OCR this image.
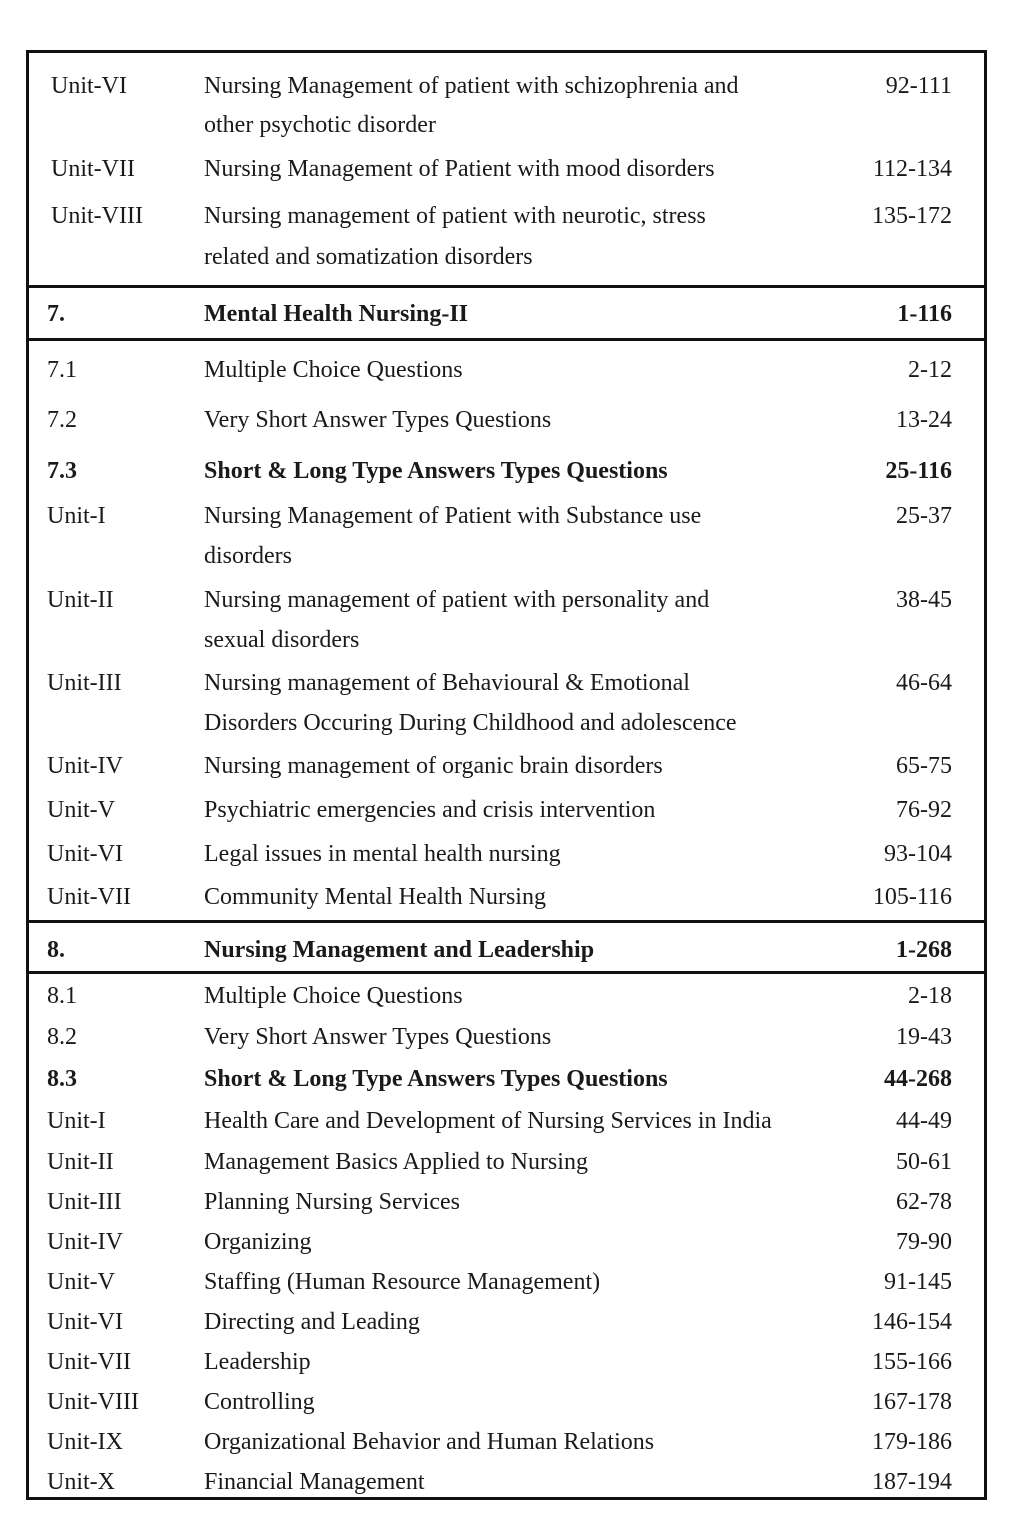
Unit-VI	Nursing Management of patient with schizophrenia and	92-111
other psychotic disorder
Unit-VII	Nursing Management of Patient with mood disorders	112-134
Unit-VIII	Nursing management of patient with neurotic, stress	135-172
related and somatization disorders
7.	Mental Health Nursing-II	1-116
7.1	Multiple Choice Questions	2-12
7.2	Very Short Answer Types Questions	13-24
7.3	Short & Long Type Answers Types Questions	25-116
Unit-I	Nursing Management of Patient with Substance use	25-37
disorders
Unit-II	Nursing management of patient with personality and	38-45
sexual disorders
Unit-III	Nursing management of Behavioural & Emotional	46-64
Disorders Occuring During Childhood and adolescence
Unit-IV	Nursing management of organic brain disorders	65-75
Unit-V	Psychiatric emergencies and crisis intervention	76-92
Unit-VI	Legal issues in mental health nursing	93-104
Unit-VII	Community Mental Health Nursing	105-116
8.	Nursing Management and Leadership	1-268
8.1	Multiple Choice Questions	2-18
8.2	Very Short Answer Types Questions	19-43
8.3	Short & Long Type Answers Types Questions	44-268
Unit-I	Health Care and Development of Nursing Services in India	44-49
Unit-II	Management Basics Applied to Nursing	50-61
Unit-III	Planning Nursing Services	62-78
Unit-IV	Organizing	79-90
Unit-V	Staffing (Human Resource Management)	91-145
Unit-VI	Directing and Leading	146-154
Unit-VII	Leadership	155-166
Unit-VIII	Controlling	167-178
Unit-IX	Organizational Behavior and Human Relations	179-186
Unit-X	Financial Management	187-194
